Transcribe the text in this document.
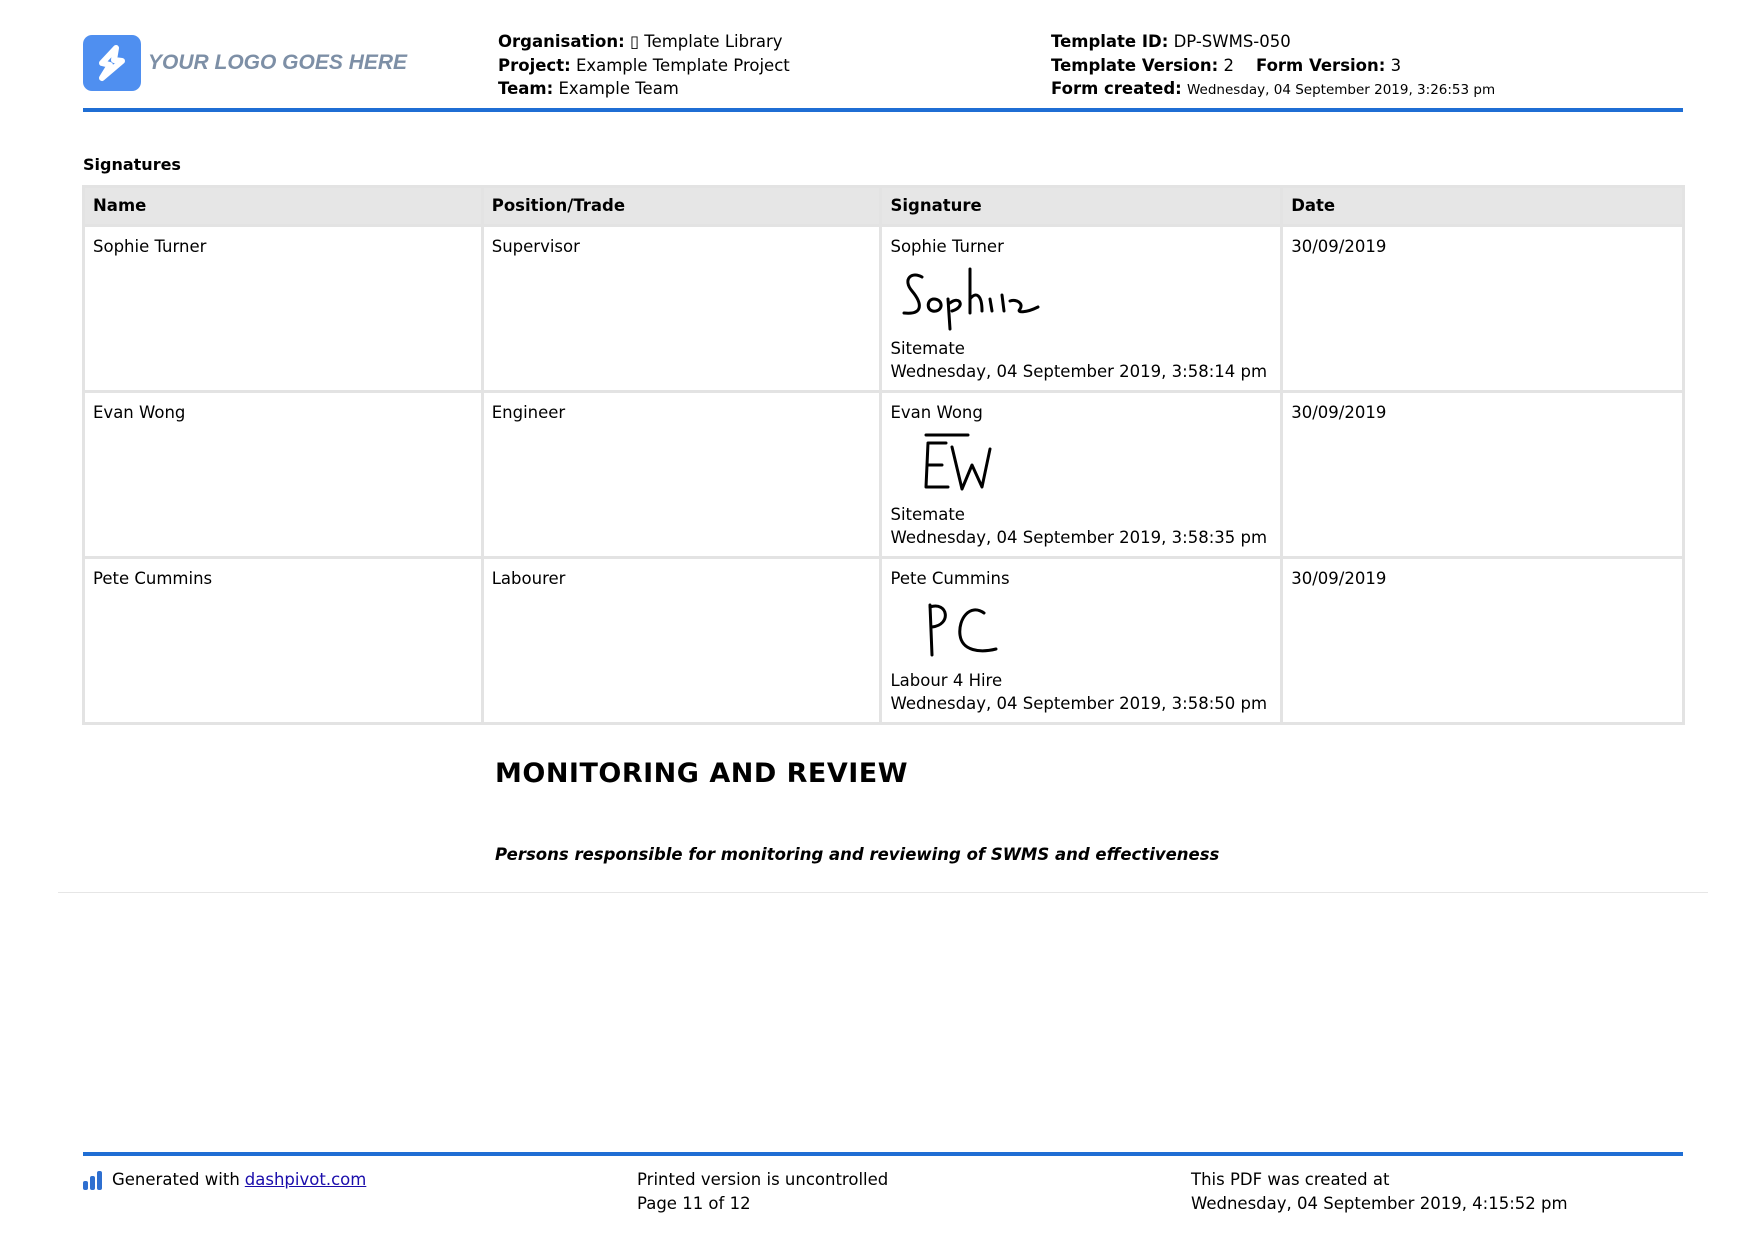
YOUR LOGO GOES HERE
Organisation: ▯ Template Library
Project: Example Template Project
Team: Example Team
Template ID: DP-SWMS-050
Template Version: 2 Form Version: 3
Form created: Wednesday, 04 September 2019, 3:26:53 pm
Signatures
Name	Position/Trade	Signature	Date
Sophie Turner	Supervisor	Sophie Turner
Sitemate
Wednesday, 04 September 2019, 3:58:14 pm	30/09/2019
Evan Wong	Engineer	Evan Wong
Sitemate
Wednesday, 04 September 2019, 3:58:35 pm	30/09/2019
Pete Cummins	Labourer	Pete Cummins
Labour 4 Hire
Wednesday, 04 September 2019, 3:58:50 pm	30/09/2019
MONITORING AND REVIEW
Persons responsible for monitoring and reviewing of SWMS and effectiveness
Generated with dashpivot.com	Printed version is uncontrolled
Page 11 of 12
This PDF was created at
Wednesday, 04 September 2019, 4:15:52 pm
